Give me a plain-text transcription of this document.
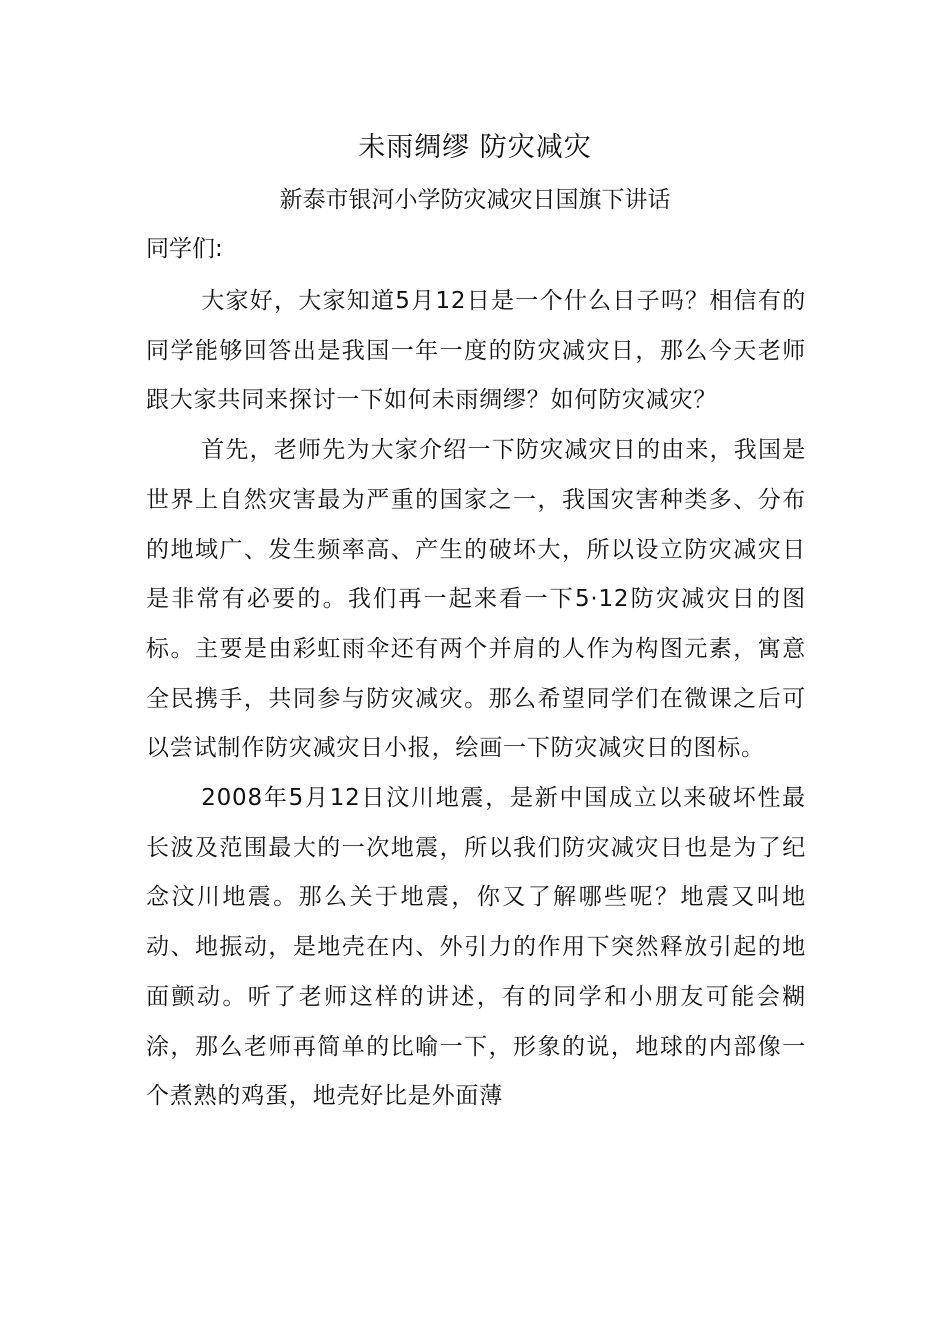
未雨绸缪 防灾减灾
新泰市银河小学防灾减灾日国旗下讲话
同学们:

大家好，大家知道5月12日是一个什么日子吗？相信有的同学能够回答出是我国一年一度的防灾减灾日，那么今天老师跟大家共同来探讨一下如何未雨绸缪？如何防灾减灾？

首先，老师先为大家介绍一下防灾减灾日的由来，我国是世界上自然灾害最为严重的国家之一，我国灾害种类多、分布的地域广、发生频率高、产生的破坏大，所以设立防灾减灾日是非常有必要的。我们再一起来看一下5·12防灾减灾日的图标。主要是由彩虹雨伞还有两个并肩的人作为构图元素，寓意全民携手，共同参与防灾减灾。那么希望同学们在微课之后可以尝试制作防灾减灾日小报，绘画一下防灾减灾日的图标。

2008年5月12日汶川地震，是新中国成立以来破坏性最长波及范围最大的一次地震，所以我们防灾减灾日也是为了纪念汶川地震。那么关于地震，你又了解哪些呢？地震又叫地动、地振动，是地壳在内、外引力的作用下突然释放引起的地面颤动。听了老师这样的讲述，有的同学和小朋友可能会糊涂，那么老师再简单的比喻一下，形象的说，地球的内部像一个煮熟的鸡蛋，地壳好比是外面薄
